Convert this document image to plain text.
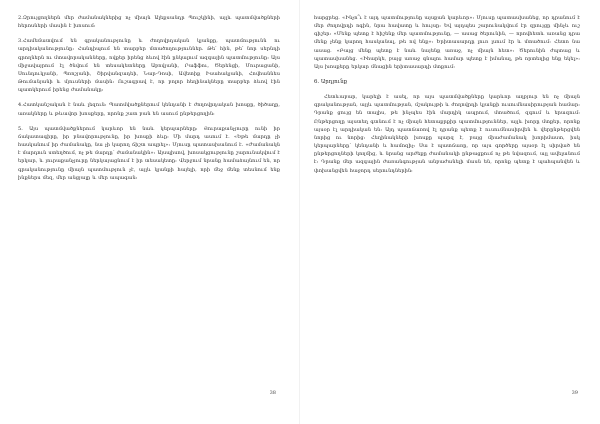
2.Զրույցողներն մեր ժամանակներից ոչ միայն Ալեքսանդր Պուշկինի, այլև պատմվածքների հերոսների մասին է խոսում։

3.Համեմատվում են գրականությունը և ժողովրդական կյանքը, պատմությունն ու արդիականությունը։ Հանդիպում են տարբեր մտածողություններ. Թե՛ հին, թե՛ նոր սերնդի գրողներն ու մտավորականները, ովքեր իրենց ձևով էին ընկալում ազգային պատմությունը։ Այս միջավայրում էլ ծնվում են տեսակետները Աբովյանի, Րաֆֆու, Ծերենցի, Մուրացանի, Սունդուկյանի, Պռոշյանի, Շիրվանզադեի, Նար-Դոսի, Ավետիք Իսահակյանի, Հովհաննես Թումանյանի և մյուսների մասին։ Ուշագրավ է, որ բոլոր հեղինակները տարբեր ձևով էին պատկերում իրենց ժամանակը։

4.Հատկանշական է նաև լեզուն։ Պատմվածքներում կենդանի է ժողովրդական խոսքը, ծիծաղը, առակները և թևավոր խոսքերը, որոնք շատ բան են ասում ընթերցողին։

5. Այս պատմվածքներում կարևոր են նաև կերպարները։ Յուրաքանչյուրը ունի իր ճակատագիրը, իր բնավորությունը, իր խոսքի ձևը։ Մի մարդ ասում է. «Եթե մարդը չի հասկանում իր ժամանակը, նա չի կարող ճիշտ ապրել»։ Մյուսը պատասխանում է. «Ժամանակն է մարդուն ստեղծում, ոչ թե մարդը՝ ժամանակին»։ Այսպիսով, խոսակցությունը շարունակվում է երկար, և յուրաքանչյուրը ներկայացնում է իր տեսակետը։ Վերջում նրանք համաձայնում են, որ գրականությունը միայն պատմություն չէ, այլև կյանքի հայելի, որի մեջ մենք տեսնում ենք ինքներս մեզ, մեր անցյալը և մեր ապագան։

38

հարցրեց. «Ինչո՞ւ է այդ պատմությունը այսքան կարևոր»։ Մյուսը պատասխանեց, որ դրանում է մեր ժողովրդի ոգին, նրա հավատը և հույսը։ Եվ այդպես շարունակվում էր զրույցը մինչև ուշ գիշեր։ «Մենք պետք է հիշենք մեր պատմությունը, — ասաց ծերունին, — որովհետև առանց դրա մենք չենք կարող հասկանալ, թե ով ենք»։ Երիտասարդը լուռ լսում էր և մտածում։ Հետո նա ասաց. «Բայց մենք պետք է նաև նայենք առաջ, ոչ միայն հետ»։ Ծերունին ժպտաց և պատասխանեց. «Իհարկե, բայց առաջ գնալու համար պետք է իմանալ, թե որտեղից ենք եկել»։ Այս խոսքերը երկար մնացին երիտասարդի մտքում։

6. Արդյունք

Հետևաբար, կարելի է ասել, որ այս պատմվածքները կարևոր աղբյուր են ոչ միայն գրականության, այլև պատմության, մշակույթի և ժողովրդի կյանքի ուսումնասիրության համար։ Դրանք ցույց են տալիս, թե ինչպես էին մարդիկ ապրում, մտածում, զգում և երազում։ Ընթերցողը այստեղ գտնում է ոչ միայն հետաքրքիր պատմություններ, այլև խորը մտքեր, որոնք այսօր էլ արդիական են։ Այդ պատճառով էլ դրանք պետք է ուսումնասիրվեն և վերընթերցվեն նորից ու նորից։ Հեղինակների խոսքը պարզ է, բայց միաժամանակ խորիմաստ, իսկ կերպարները՝ կենդանի և համոզիչ։ Սա է պատճառը, որ այս գործերը այսօր էլ սիրված են ընթերցողների կողմից, և նրանց արժեքը ժամանակի ընթացքում ոչ թե նվազում, այլ ավելանում է։ Դրանք մեր ազգային ժառանգության անբաժանելի մասն են, որոնք պետք է պահպանվեն և փոխանցվեն հաջորդ սերունդներին։

39
